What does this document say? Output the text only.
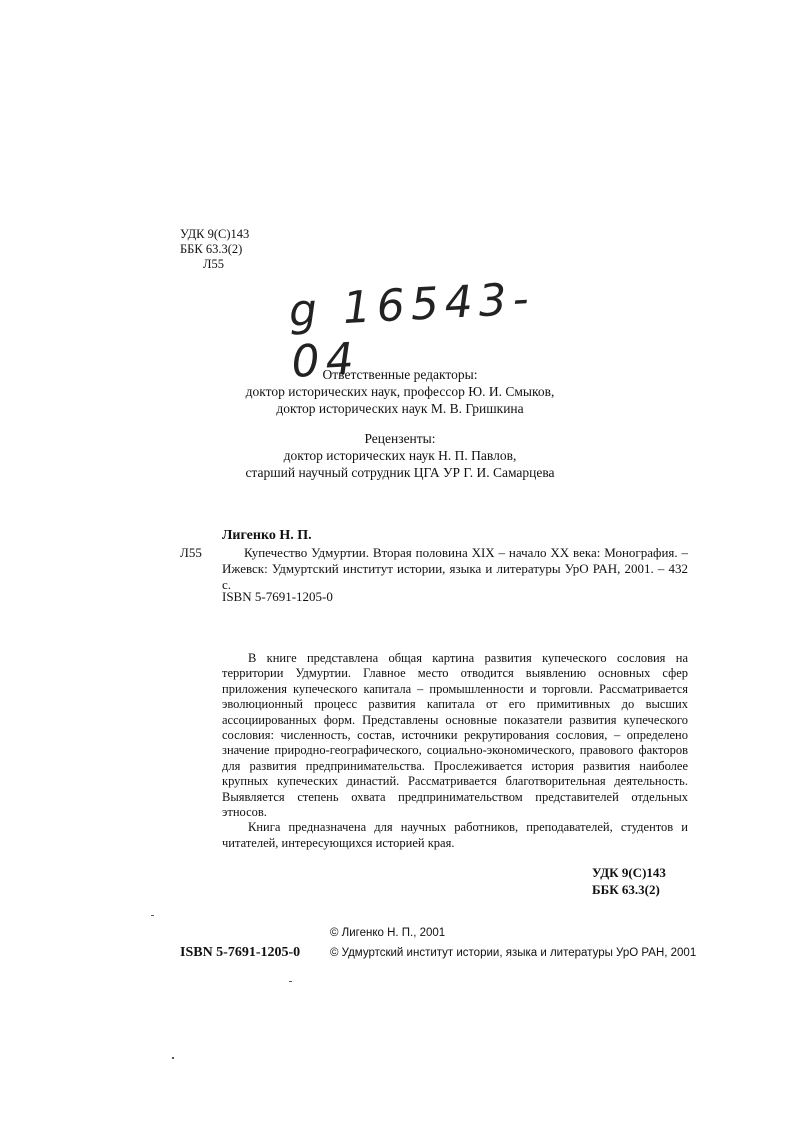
УДК 9(С)143
ББК 63.3(2)
Л55
g 16543-04
Ответственные редакторы:
доктор исторических наук, профессор Ю. И. Смыков,
доктор исторических наук М. В. Гришкина
Рецензенты:
доктор исторических наук Н. П. Павлов,
старший научный сотрудник ЦГА УР Г. И. Самарцева
Лигенко Н. П.
Л55	Купечество Удмуртии. Вторая половина XIX – начало XX века: Монография. – Ижевск: Удмуртский институт истории, языка и литературы УрО РАН, 2001. – 432 с.
ISBN 5-7691-1205-0

В книге представлена общая картина развития купеческого сословия на территории Удмуртии. Главное место отводится выявлению основных сфер приложения купеческого капитала – промышленности и торговли. Рассматривается эволюционный процесс развития капитала от его примитивных до высших ассоциированных форм. Представлены основные показатели развития купеческого сословия: численность, состав, источники рекрутирования сословия, – определено значение природно-географического, социально-экономического, правового факторов для развития предпринимательства. Прослеживается история развития наиболее крупных купеческих династий. Рассматривается благотворительная деятельность. Выявляется степень охвата предпринимательством представителей отдельных этносов.

Книга предназначена для научных работников, преподавателей, студентов и читателей, интересующихся историей края.

УДК 9(С)143
ББК 63.3(2)
ISBN 5-7691-1205-0
© Лигенко Н. П., 2001
© Удмуртский институт истории, языка и литературы УрО РАН, 2001
